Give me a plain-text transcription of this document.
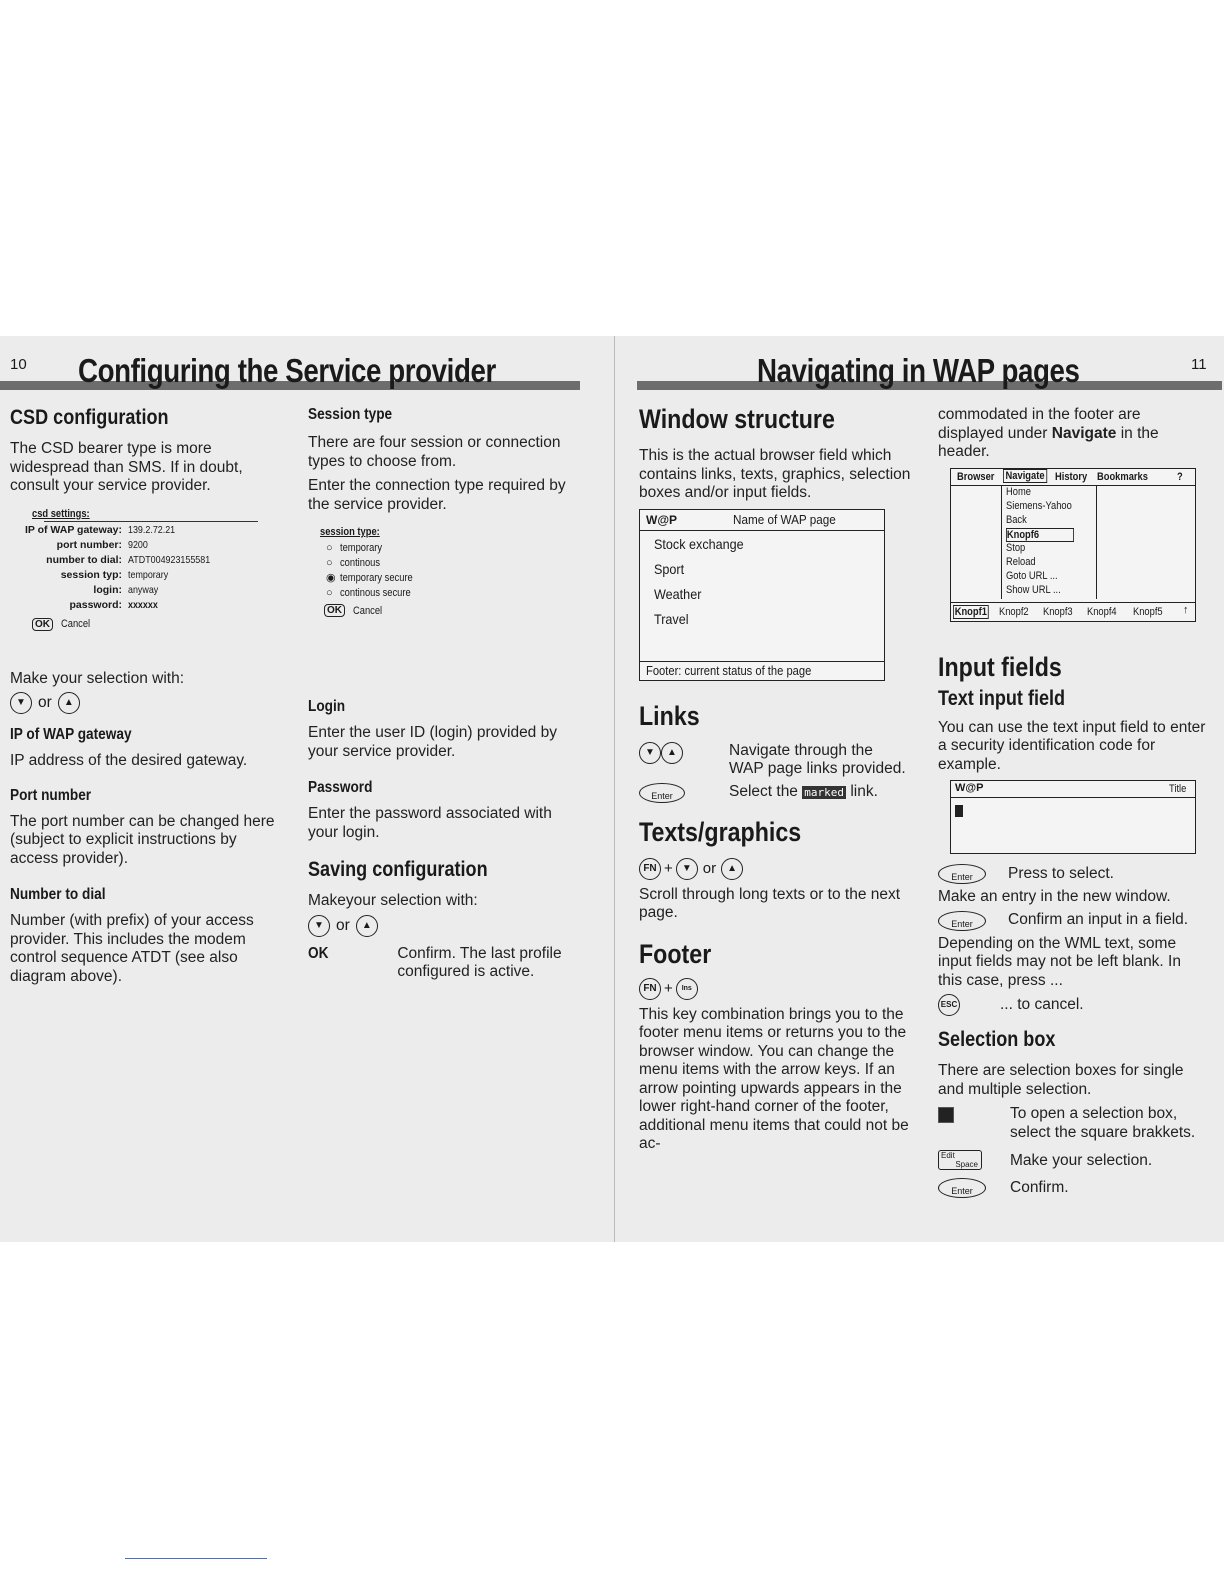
10 Configuring the Service provider
CSD configuration
The CSD bearer type is more widespread than SMS. If in doubt, consult your service provider.
csd settings:
IP of WAP gateway: 139.2.72.21
port number: 9200
number to dial: ATDT004923155581
session typ: temporary
login: anyway
password: xxxxxx
OK Cancel
Make your selection with:
▼ or	▲
IP of WAP gateway
IP address of the desired gateway.
Port number
The port number can be changed here (subject to explicit instructions by access provider).
Number to dial
Number (with prefix) of your access provider. This includes the modem control sequence ATDT (see also diagram above).
Session type
There are four session or connection types to choose from.
Enter the connection type required by the service provider.
session type:
○ temporary
○ continous
◉ temporary secure
○ continous secure
OK Cancel
Login
Enter the user ID (login) provided by your service provider.
Password
Enter the password associated with your login.
Saving configuration
Makeyour selection with:
▼ or	▲
OK	Confirm. The last profile configured is active.
Navigating in WAP pages	11
Window structure
This is the actual browser field which contains links, texts, graphics, selection boxes and/or input fields.
W@P	Name of WAP page
Stock exchange
Sport
Weather
Travel
Footer: current status of the page
Links
▼ ▲	Navigate through the WAP page links provided.
Enter	Select the marked link.
Texts/graphics
FN + ▼ or	▲
Scroll through long texts or to the next page.
Footer
FN +	Ins
This key combination brings you to the footer menu items or returns you to the browser window. You can change the menu items with the arrow keys. If an arrow pointing upwards appears in the lower right-hand corner of the footer, additional menu items that could not be ac-
commodated in the footer are displayed under Navigate in the header.
Browser Navigate History Bookmarks	?
Home
Siemens-Yahoo
Back
Knopf6
Stop
Reload
Goto URL ...
Show URL ...
Knopf1 Knopf2 Knopf3 Knopf4 Knopf5 ↑
Input fields
Text input field
You can use the text input field to enter a security identification code for example.
W@P	Title
Enter	Press to select.
Make an entry in the new window.
Enter	Confirm an input in a field.
Depending on the WML text, some input fields may not be left blank. In this case, press ...
ESC	... to cancel.
Selection box
There are selection boxes for single and multiple selection.
To open a selection box, select the square brakkets.
Edit
Space	Make your selection.
Enter	Confirm.
